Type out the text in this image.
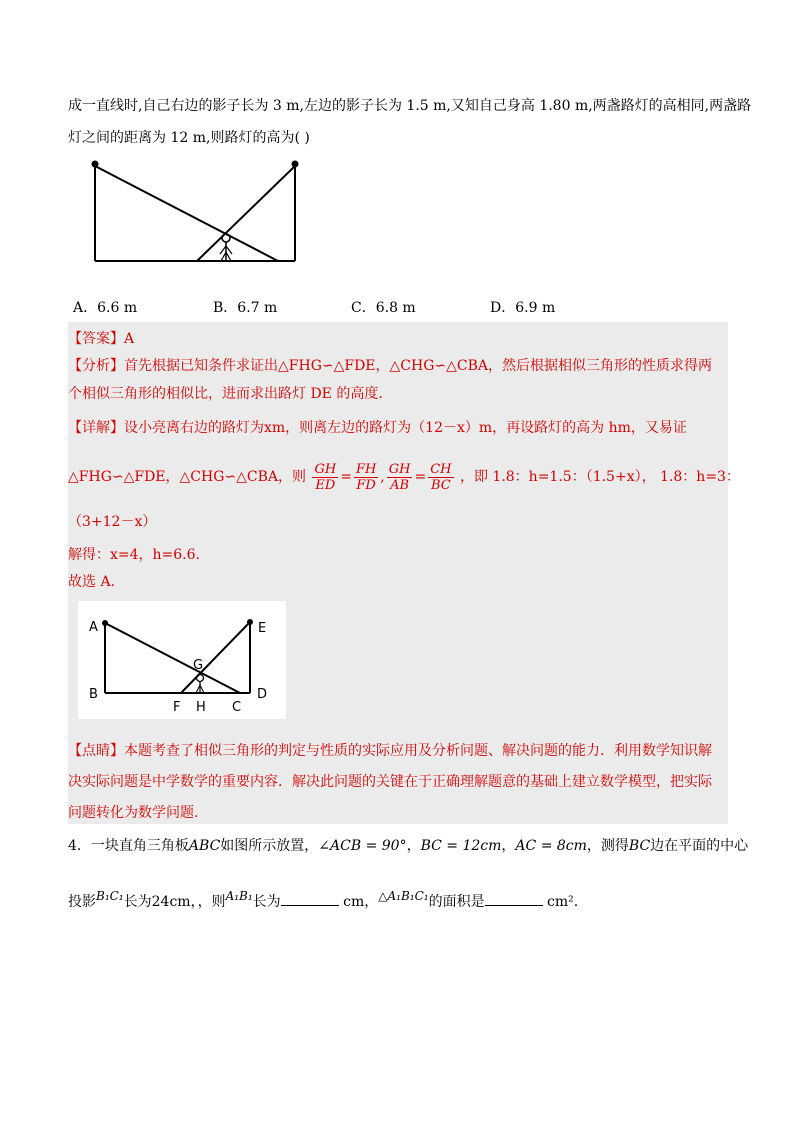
成一直线时,自己右边的影子长为 3 m,左边的影子长为 1.5 m,又知自己身高 1.80 m,两盏路灯的高相同,两盏路
灯之间的距离为 12 m,则路灯的高为( )
A．6.6 m	B．6.7 m	C．6.8 m	D．6.9 m
【答案】A
【分析】首先根据已知条件求证出△FHG∽△FDE，△CHG∽△CBA，然后根据相似三角形的性质求得两
个相似三角形的相似比，进而求出路灯 DE 的高度.
【详解】设小亮离右边的路灯为xm，则离左边的路灯为（12－x）m，再设路灯的高为 hm，又易证
△FHG∽△FDE，△CHG∽△CBA，则 $\frac{GH}{ED} = \frac{FH}{FD}$ , $\frac{GH}{AB} = \frac{CH}{BC}$ ，即 1.8：h=1.5：（1.5+x）， 1.8：h=3：
（3+12－x）
解得：x=4，h=6.6.
故选 A.
A
B
C
D
E
F
G
H
【点睛】本题考查了相似三角形的判定与性质的实际应用及分析问题、解决问题的能力．利用数学知识解
决实际问题是中学数学的重要内容．解决此问题的关键在于正确理解题意的基础上建立数学模型，把实际
问题转化为数学问题.
4．一块直角三角板ABC如图所示放置，∠ACB = 90°，BC = 12cm，AC = 8cm，测得BC边在平面的中心
投影B₁C₁长为24cm，，则A₁B₁长为	cm，△A₁B₁C₁的面积是	cm².
